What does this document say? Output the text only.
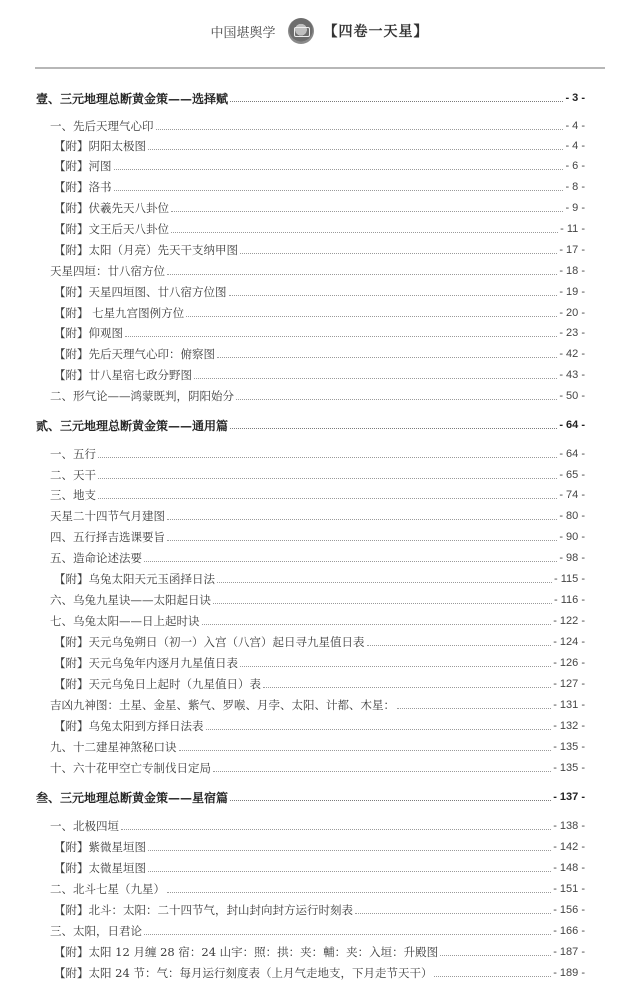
中国堪舆学	【四卷一天星】
壹、三元地理总断黄金策——选择赋	- 3 -
一、先后天理气心印	- 4 -
【附】阴阳太极图	- 4 -
【附】河图	- 6 -
【附】洛书	- 8 -
【附】伏羲先天八卦位	- 9 -
【附】文王后天八卦位	- 11 -
【附】太阳（月亮）先天干支纳甲图	- 17 -
天星四垣：廿八宿方位	- 18 -
【附】天星四垣图、廿八宿方位图	- 19 -
【附】 七星九宫图例方位	- 20 -
【附】仰观图	- 23 -
【附】先后天理气心印：俯察图	- 42 -
【附】廿八星宿七政分野图	- 43 -
二、形气论——鸿蒙既判，阴阳始分	- 50 -
贰、三元地理总断黄金策——通用篇	- 64 -
一、五行	- 64 -
二、天干	- 65 -
三、地支	- 74 -
天星二十四节气月建图	- 80 -
四、五行择吉选课要旨	- 90 -
五、造命论述法要	- 98 -
【附】乌兔太阳天元玉函择日法	- 115 -
六、乌兔九星诀——太阳起日诀	- 116 -
七、乌兔太阳——日上起时诀	- 122 -
【附】天元乌兔朔日（初一）入宫（八宫）起日寻九星值日表	- 124 -
【附】天元乌兔年内逐月九星值日表	- 126 -
【附】天元乌兔日上起时（九星值日）表	- 127 -
吉凶九神图：土星、金星、紫气、罗喉、月孛、太阳、计都、木星：	- 131 -
【附】乌兔太阳到方择日法表	- 132 -
九、十二建星神煞秘口诀	- 135 -
十、六十花甲空亡专制伐日定局	- 135 -
叁、三元地理总断黄金策——星宿篇	- 137 -
一、北极四垣	- 138 -
【附】紫微星垣图	- 142 -
【附】太微星垣图	- 148 -
二、北斗七星（九星）	- 151 -
【附】北斗：太阳：二十四节气，封山封向封方运行时刻表	- 156 -
三、太阳，日君论	- 166 -
【附】太阳 12 月缠 28 宿：24 山宇：照：拱：夹：輔：夹：入垣：升殿图	- 187 -
【附】太阳 24 节：气：每月运行刻度表（上月气走地支，下月走节天干）	- 189 -
